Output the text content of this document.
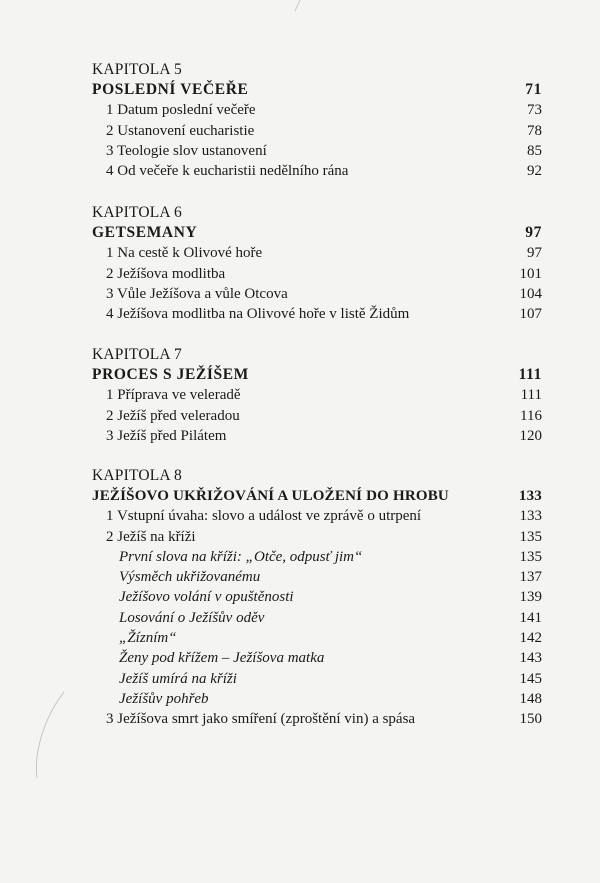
KAPITOLA 5
POSLEDNÍ VEČEŘE	71
1 Datum poslední večeře	73
2 Ustanovení eucharistie	78
3 Teologie slov ustanovení	85
4 Od večeře k eucharistii nedělního rána	92
KAPITOLA 6
GETSEMANY	97
1 Na cestě k Olivové hoře	97
2 Ježíšova modlitba	101
3 Vůle Ježíšova a vůle Otcova	104
4 Ježíšova modlitba na Olivové hoře v listě Židům	107
KAPITOLA 7
PROCES S JEŽÍŠEM	111
1 Příprava ve veleradě	111
2 Ježíš před veleradou	116
3 Ježíš před Pilátem	120
KAPITOLA 8
JEŽÍŠOVO UKŘIŽOVÁNÍ A ULOŽENÍ DO HROBU	133
1 Vstupní úvaha: slovo a událost ve zprávě o utrpení	133
2 Ježíš na kříži	135
První slova na kříži: „Otče, odpusť jim“	135
Výsměch ukřižovanému	137
Ježíšovo volání v opuštěnosti	139
Losování o Ježíšův oděv	141
„Žízním“	142
Ženy pod křížem – Ježíšova matka	143
Ježíš umírá na kříži	145
Ježíšův pohřeb	148
3 Ježíšova smrt jako smíření (zproštění vin) a spása	150
